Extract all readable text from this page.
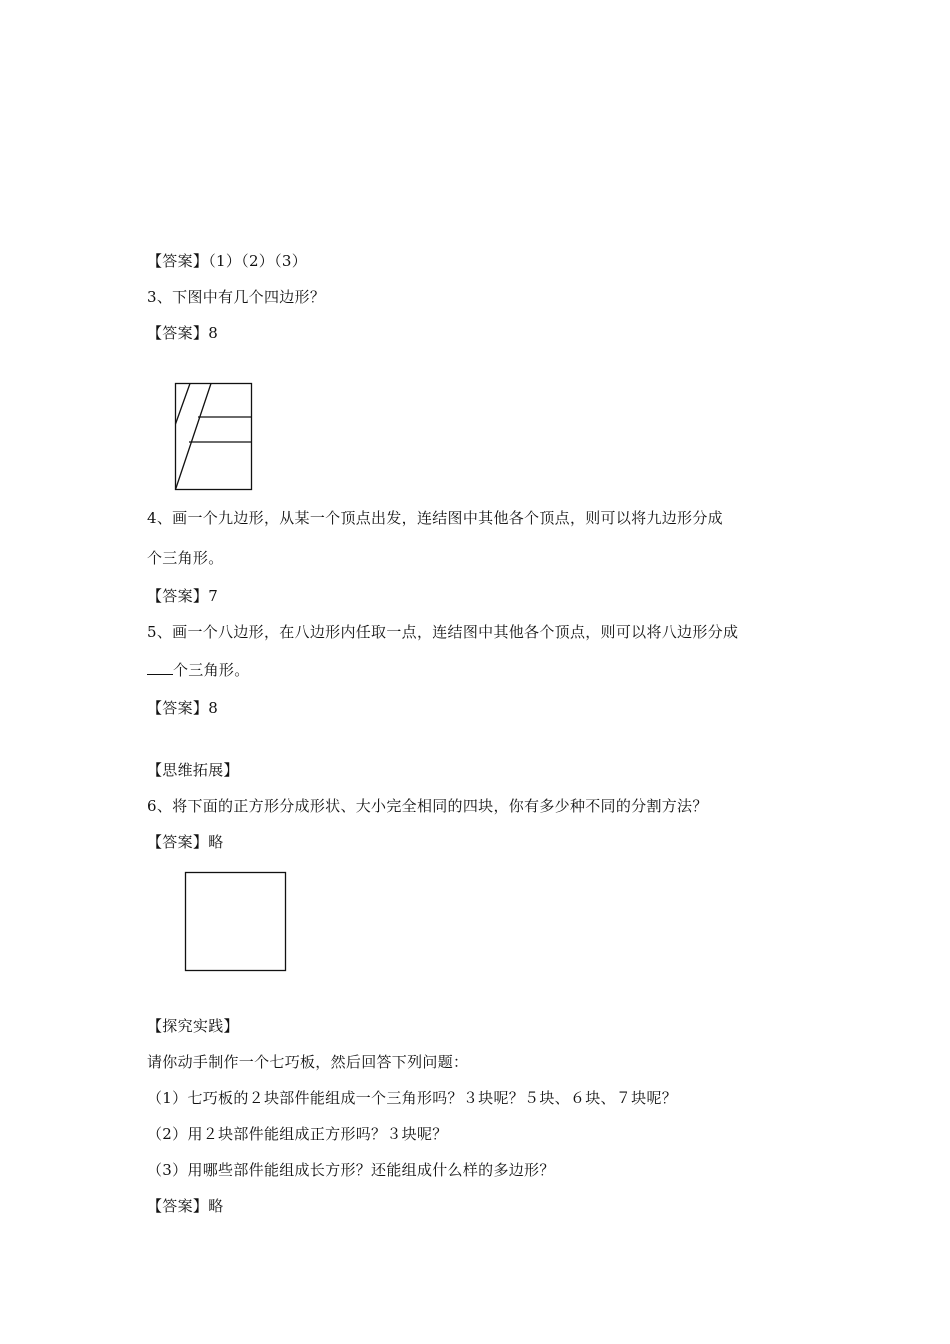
【答案】（1）（2）（3）
3、下图中有几个四边形？
【答案】8
4、画一个九边形，从某一个顶点出发，连结图中其他各个顶点，则可以将九边形分成
个三角形。
【答案】7
5、画一个八边形，在八边形内任取一点，连结图中其他各个顶点，则可以将八边形分成
个三角形。
【答案】8
【思维拓展】
6、将下面的正方形分成形状、大小完全相同的四块，你有多少种不同的分割方法？
【答案】略
【探究实践】
请你动手制作一个七巧板，然后回答下列问题：
（1）七巧板的２块部件能组成一个三角形吗？３块呢？５块、６块、７块呢？
（2）用２块部件能组成正方形吗？３块呢？
（3）用哪些部件能组成长方形？还能组成什么样的多边形？
【答案】略
